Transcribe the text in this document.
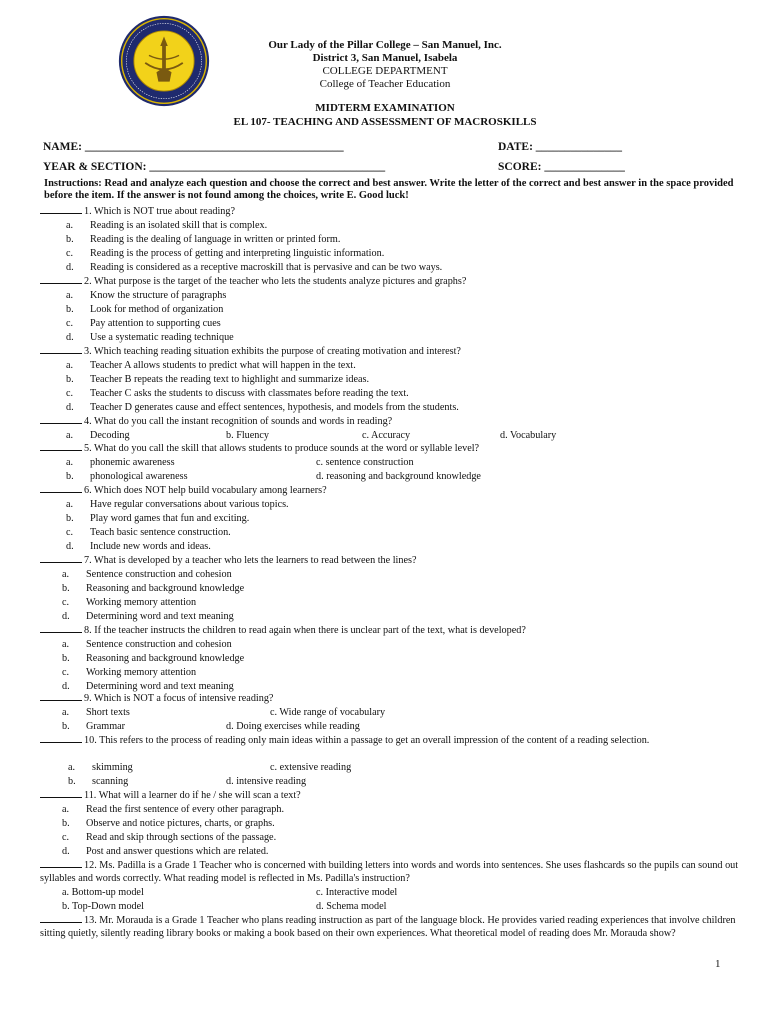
Our Lady of the Pillar College – San Manuel, Inc.
District 3, San Manuel, Isabela
COLLEGE DEPARTMENT
College of Teacher Education
MIDTERM EXAMINATION
EL 107- TEACHING AND ASSESSMENT OF MACROSKILLS
NAME: _____________________________________________	DATE: _______________
YEAR & SECTION: _________________________________________	SCORE: ______________
Instructions: Read and analyze each question and choose the correct and best answer. Write the letter of the correct and best answer in the space provided before the item. If the answer is not found among the choices, write E. Good luck!
1. Which is NOT true about reading?
a. Reading is an isolated skill that is complex.
b. Reading is the dealing of language in written or printed form.
c. Reading is the process of getting and interpreting linguistic information.
d. Reading is considered as a receptive macroskill that is pervasive and can be two ways.
2. What purpose is the target of the teacher who lets the students analyze pictures and graphs?
a. Know the structure of paragraphs
b. Look for method of organization
c. Pay attention to supporting cues
d. Use a systematic reading technique
3. Which teaching reading situation exhibits the purpose of creating motivation and interest?
a. Teacher A allows students to predict what will happen in the text.
b. Teacher B repeats the reading text to highlight and summarize ideas.
c. Teacher C asks the students to discuss with classmates before reading the text.
d. Teacher D generates cause and effect sentences, hypothesis, and models from the students.
4. What do you call the instant recognition of sounds and words in reading?
a. Decoding	b. Fluency	c. Accuracy	d. Vocabulary
5. What do you call the skill that allows students to produce sounds at the word or syllable level?
a. phonemic awareness	c. sentence construction
b. phonological awareness	d. reasoning and background knowledge
6. Which does NOT help build vocabulary among learners?
a. Have regular conversations about various topics.
b. Play word games that fun and exciting.
c. Teach basic sentence construction.
d. Include new words and ideas.
7. What is developed by a teacher who lets the learners to read between the lines?
a. Sentence construction and cohesion
b. Reasoning and background knowledge
c. Working memory attention
d. Determining word and text meaning
8. If the teacher instructs the children to read again when there is unclear part of the text, what is developed?
a. Sentence construction and cohesion
b. Reasoning and background knowledge
c. Working memory attention
d. Determining word and text meaning
9. Which is NOT a focus of intensive reading?
a. Short texts	c. Wide range of vocabulary
b. Grammar	d. Doing exercises while reading
10. This refers to the process of reading only main ideas within a passage to get an overall impression of the content of a reading selection.
a. skimming	c. extensive reading
b. scanning	d. intensive reading
11. What will a learner do if he / she will scan a text?
a. Read the first sentence of every other paragraph.
b. Observe and notice pictures, charts, or graphs.
c. Read and skip through sections of the passage.
d. Post and answer questions which are related.
12. Ms. Padilla is a Grade 1 Teacher who is concerned with building letters into words and words into sentences. She uses flashcards so the pupils can sound out syllables and words correctly. What reading model is reflected in Ms. Padilla's instruction?
a. Bottom-up model	c. Interactive model
b. Top-Down model	d. Schema model
13. Mr. Morauda is a Grade 1 Teacher who plans reading instruction as part of the language block. He provides varied reading experiences that involve children sitting quietly, silently reading library books or making a book based on their own experiences. What theoretical model of reading does Mr. Morauda show?
1
